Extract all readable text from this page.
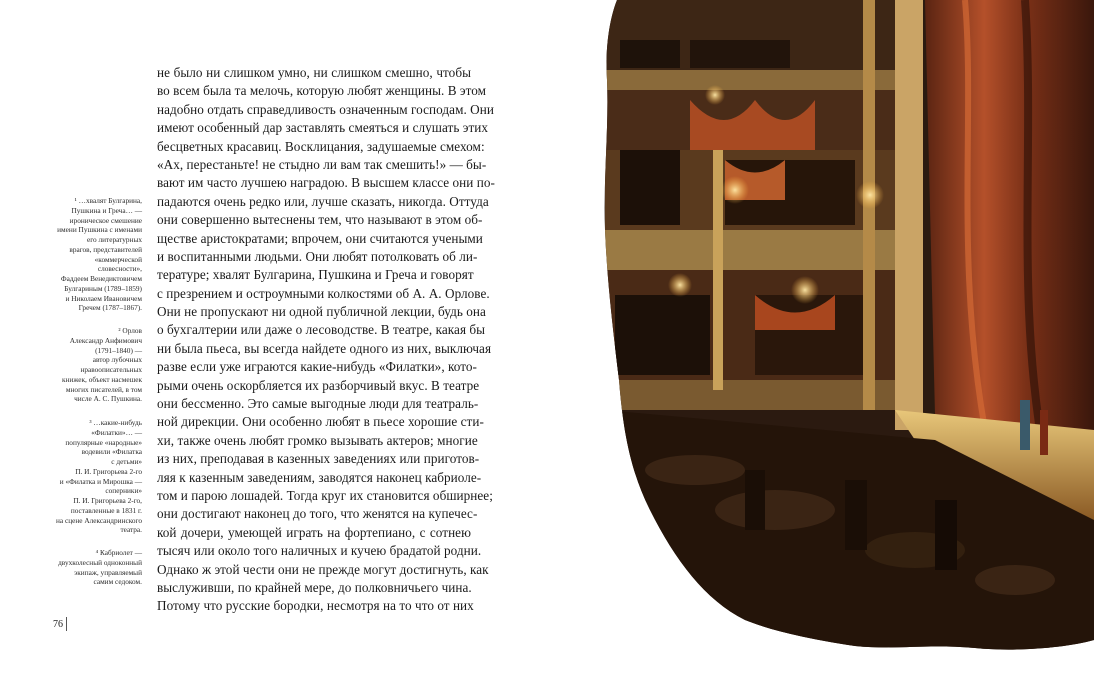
¹ …хвалят Булгарина,
Пушкина и Греча… —
ироническое смешение
имени Пушкина с именами
его литературных
врагов, представителей
«коммерческой
словесности»,
Фаддеем Венедиктовичем
Булгариным (1789–1859)
и Николаем Ивановичем
Гречем (1787–1867).
² Орлов
Александр Анфимович
(1791–1840) —
автор лубочных
нравоописательных
книжек, объект насмешек
многих писателей, в том
числе А. С. Пушкина.
³ …какие-нибудь
«Филатки»… —
популярные «народные»
водевили «Филатка
с детьми»
П. И. Григорьева 2-го
и «Филатка и Мирошка —
соперники»
П. И. Григорьева 2-го,
поставленные в 1831 г.
на сцене Александринского
театра.
⁴ Кабриолет —
двухколесный одноконный
экипаж, управляемый
самим седоком.
не было ни слишком умно, ни слишком смешно, чтобы
во всем была та мелочь, которую любят женщины. В этом
надобно отдать справедливость означенным господам. Они
имеют особенный дар заставлять смеяться и слушать этих
бесцветных красавиц. Восклицания, задушаемые смехом:
«Ах, перестаньте! не стыдно ли вам так смешить!» — бы-
вают им часто лучшею наградою. В высшем классе они по-
падаются очень редко или, лучше сказать, никогда. Оттуда
они совершенно вытеснены тем, что называют в этом об-
ществе аристократами; впрочем, они считаются учеными
и воспитанными людьми. Они любят потолковать об ли-
тературе; хвалят Булгарина, Пушкина и Греча и говорят
с презрением и остроумными колкостями об А. А. Орлове.
Они не пропускают ни одной публичной лекции, будь она
о бухгалтерии или даже о лесоводстве. В театре, какая бы
ни была пьеса, вы всегда найдете одного из них, выключая
разве если уже играются какие-нибудь «Филатки», кото-
рыми очень оскорбляется их разборчивый вкус. В театре
они бессменно. Это самые выгодные люди для театраль-
ной дирекции. Они особенно любят в пьесе хорошие сти-
хи, также очень любят громко вызывать актеров; многие
из них, преподавая в казенных заведениях или приготов-
ляя к казенным заведениям, заводятся наконец кабриоле-
том и парою лошадей. Тогда круг их становится обширнее;
они достигают наконец до того, что женятся на купечес-
кой дочери, умеющей играть на фортепиано, с сотнею
тысяч или около того наличных и кучею брадатой родни.
Однако ж этой чести они не прежде могут достигнуть, как
выслуживши, по крайней мере, до полковничьего чина.
Потому что русские бородки, несмотря на то что от них
76
